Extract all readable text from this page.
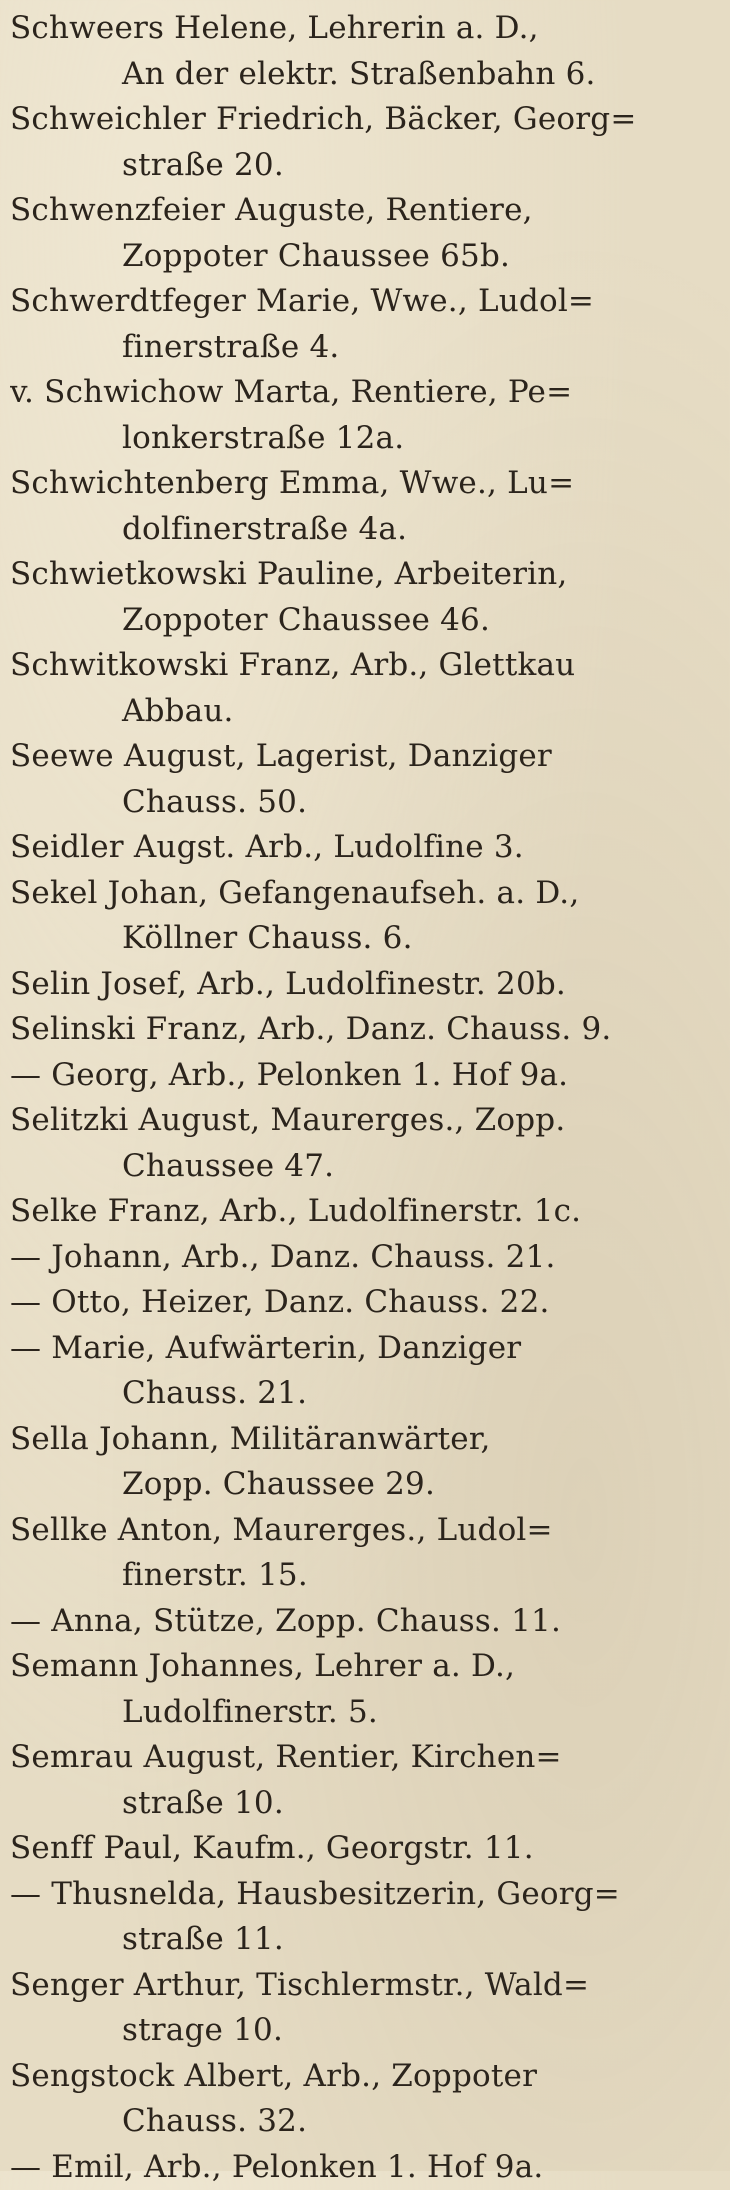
Schweers Helene, Lehrerin a. D.,
An der elektr. Straßenbahn 6.
Schweichler Friedrich, Bäcker, Georg=
straße 20.
Schwenzfeier Auguste, Rentiere,
Zoppoter Chaussee 65b.
Schwerdtfeger Marie, Wwe., Ludol=
finerstraße 4.
v. Schwichow Marta, Rentiere, Pe=
lonkerstraße 12a.
Schwichtenberg Emma, Wwe., Lu=
dolfinerstraße 4a.
Schwietkowski Pauline, Arbeiterin,
Zoppoter Chaussee 46.
Schwitkowski Franz, Arb., Glettkau
Abbau.
Seewe August, Lagerist, Danziger
Chauss. 50.
Seidler Augst. Arb., Ludolfine 3.
Sekel Johan, Gefangenaufseh. a. D.,
Köllner Chauss. 6.
Selin Josef, Arb., Ludolfinestr. 20b.
Selinski Franz, Arb., Danz. Chauss. 9.
— Georg, Arb., Pelonken 1. Hof 9a.
Selitzki August, Maurerges., Zopp.
Chaussee 47.
Selke Franz, Arb., Ludolfinerstr. 1c.
— Johann, Arb., Danz. Chauss. 21.
— Otto, Heizer, Danz. Chauss. 22.
— Marie, Aufwärterin, Danziger
Chauss. 21.
Sella Johann, Militäranwärter,
Zopp. Chaussee 29.
Sellke Anton, Maurerges., Ludol=
finerstr. 15.
— Anna, Stütze, Zopp. Chauss. 11.
Semann Johannes, Lehrer a. D.,
Ludolfinerstr. 5.
Semrau August, Rentier, Kirchen=
straße 10.
Senff Paul, Kaufm., Georgstr. 11.
— Thusnelda, Hausbesitzerin, Georg=
straße 11.
Senger Arthur, Tischlermstr., Wald=
strage 10.
Sengstock Albert, Arb., Zoppoter
Chauss. 32.
— Emil, Arb., Pelonken 1. Hof 9a.
